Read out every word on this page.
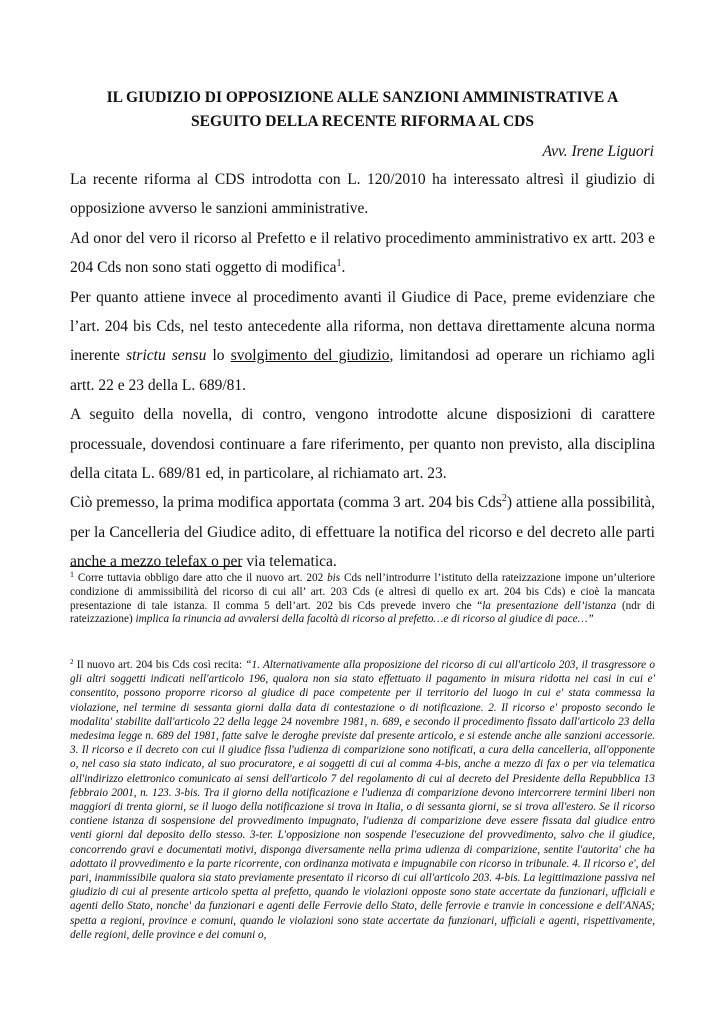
IL GIUDIZIO DI OPPOSIZIONE ALLE SANZIONI AMMINISTRATIVE A
SEGUITO DELLA RECENTE RIFORMA AL CDS
Avv. Irene Liguori

La recente riforma al CDS introdotta con L. 120/2010 ha interessato altresì il giudizio di opposizione avverso le sanzioni amministrative.

Ad onor del vero il ricorso al Prefetto e il relativo procedimento amministrativo ex artt. 203 e 204 Cds non sono stati oggetto di modifica$^1$.

Per quanto attiene invece al procedimento avanti il Giudice di Pace, preme evidenziare che l’art. 204 bis Cds, nel testo antecedente alla riforma, non dettava direttamente alcuna norma inerente strictu sensu lo svolgimento del giudizio, limitandosi ad operare un richiamo agli artt. 22 e 23 della L. 689/81.

A seguito della novella, di contro, vengono introdotte alcune disposizioni di carattere processuale, dovendosi continuare a fare riferimento, per quanto non previsto, alla disciplina della citata L. 689/81 ed, in particolare, al richiamato art. 23.

Ciò premesso, la prima modifica apportata (comma 3 art. 204 bis Cds$^2$) attiene alla possibilità, per la Cancelleria del Giudice adito, di effettuare la notifica del ricorso e del decreto alle parti anche a mezzo telefax o per via telematica.

$^1$ Corre tuttavia obbligo dare atto che il nuovo art. 202 bis Cds nell’introdurre l’istituto della rateizzazione impone un’ulteriore condizione di ammissibilità del ricorso di cui all’ art. 203 Cds (e altresì di quello ex art. 204 bis Cds) e cioè la mancata presentazione di tale istanza. Il comma 5 dell’art. 202 bis Cds prevede invero che “la presentazione dell’istanza (ndr di rateizzazione) implica la rinuncia ad avvalersi della facoltà di ricorso al prefetto…e di ricorso al giudice di pace…”

$^2$ Il nuovo art. 204 bis Cds così recita: “1. Alternativamente alla proposizione del ricorso di cui all'articolo 203, il trasgressore o gli altri soggetti indicati nell'articolo 196, qualora non sia stato effettuato il pagamento in misura ridotta nei casi in cui e' consentito, possono proporre ricorso al giudice di pace competente per il territorio del luogo in cui e' stata commessa la violazione, nel termine di sessanta giorni dalla data di contestazione o di notificazione. 2. Il ricorso e' proposto secondo le modalita' stabilite dall'articolo 22 della legge 24 novembre 1981, n. 689, e secondo il procedimento fissato dall'articolo 23 della medesima legge n. 689 del 1981, fatte salve le deroghe previste dal presente articolo, e si estende anche alle sanzioni accessorie. 3. Il ricorso e il decreto con cui il giudice fissa l'udienza di comparizione sono notificati, a cura della cancelleria, all'opponente o, nel caso sia stato indicato, al suo procuratore, e ai soggetti di cui al comma 4-bis, anche a mezzo di fax o per via telematica all'indirizzo elettronico comunicato ai sensi dell'articolo 7 del regolamento di cui al decreto del Presidente della Repubblica 13 febbraio 2001, n. 123. 3-bis. Tra il giorno della notificazione e l'udienza di comparizione devono intercorrere termini liberi non maggiori di trenta giorni, se il luogo della notificazione si trova in Italia, o di sessanta giorni, se si trova all'estero. Se il ricorso contiene istanza di sospensione del provvedimento impugnato, l'udienza di comparizione deve essere fissata dal giudice entro venti giorni dal deposito dello stesso. 3-ter. L'opposizione non sospende l'esecuzione del provvedimento, salvo che il giudice, concorrendo gravi e documentati motivi, disponga diversamente nella prima udienza di comparizione, sentite l'autorita' che ha adottato il provvedimento e la parte ricorrente, con ordinanza motivata e impugnabile con ricorso in tribunale. 4. Il ricorso e', del pari, inammissibile qualora sia stato previamente presentato il ricorso di cui all'articolo 203. 4-bis. La legittimazione passiva nel giudizio di cui al presente articolo spetta al prefetto, quando le violazioni opposte sono state accertate da funzionari, ufficiali e agenti dello Stato, nonche' da funzionari e agenti delle Ferrovie dello Stato, delle ferrovie e tranvie in concessione e dell'ANAS; spetta a regioni, province e comuni, quando le violazioni sono state accertate da funzionari, ufficiali e agenti, rispettivamente, delle regioni, delle province e dei comuni o,
